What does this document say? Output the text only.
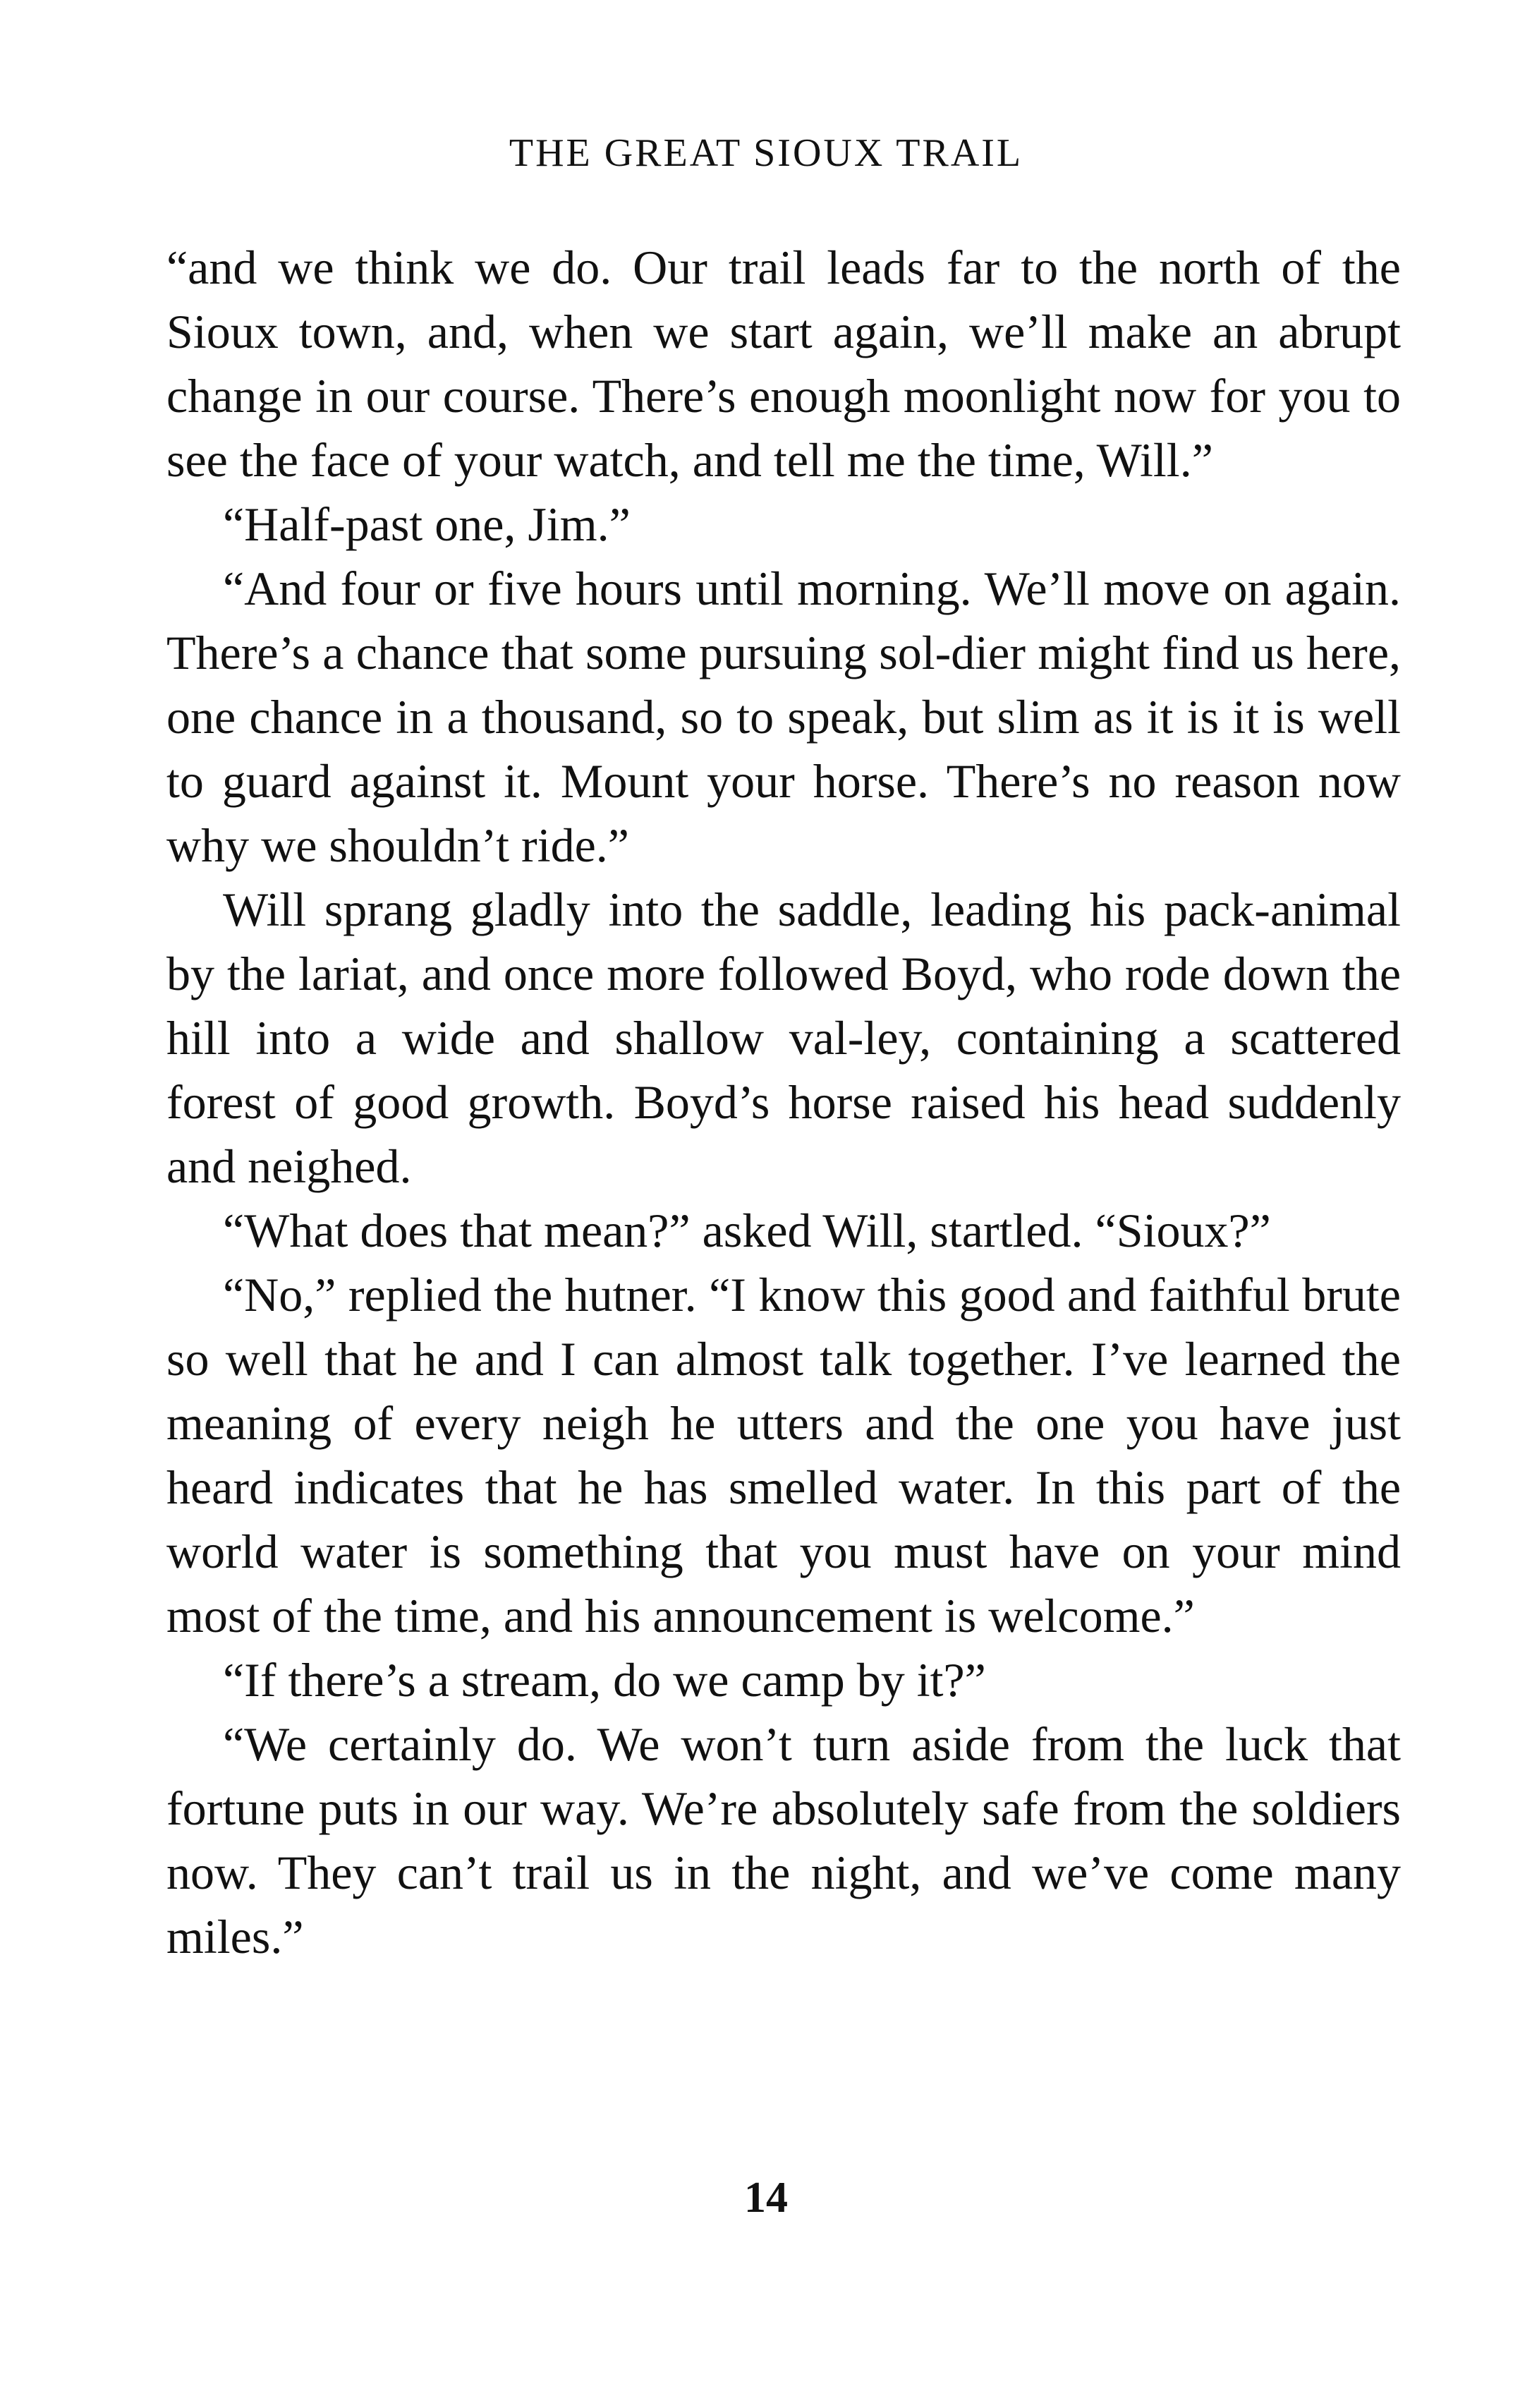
THE GREAT SIOUX TRAIL

“and we think we do. Our trail leads far to the north of the Sioux town, and, when we start again, we’ll make an abrupt change in our course. There’s enough moonlight now for you to see the face of your watch, and tell me the time, Will.”

“Half-past one, Jim.”

“And four or five hours until morning. We’ll move on again. There’s a chance that some pursuing sol-dier might find us here, one chance in a thousand, so to speak, but slim as it is it is well to guard against it. Mount your horse. There’s no reason now why we shouldn’t ride.”

Will sprang gladly into the saddle, leading his pack-animal by the lariat, and once more followed Boyd, who rode down the hill into a wide and shallow val-ley, containing a scattered forest of good growth. Boyd’s horse raised his head suddenly and neighed.

“What does that mean?” asked Will, startled. “Sioux?”

“No,” replied the hutner. “I know this good and faithful brute so well that he and I can almost talk together. I’ve learned the meaning of every neigh he utters and the one you have just heard indicates that he has smelled water. In this part of the world water is something that you must have on your mind most of the time, and his announcement is welcome.”

“If there’s a stream, do we camp by it?”

“We certainly do. We won’t turn aside from the luck that fortune puts in our way. We’re absolutely safe from the soldiers now. They can’t trail us in the night, and we’ve come many miles.”

14
